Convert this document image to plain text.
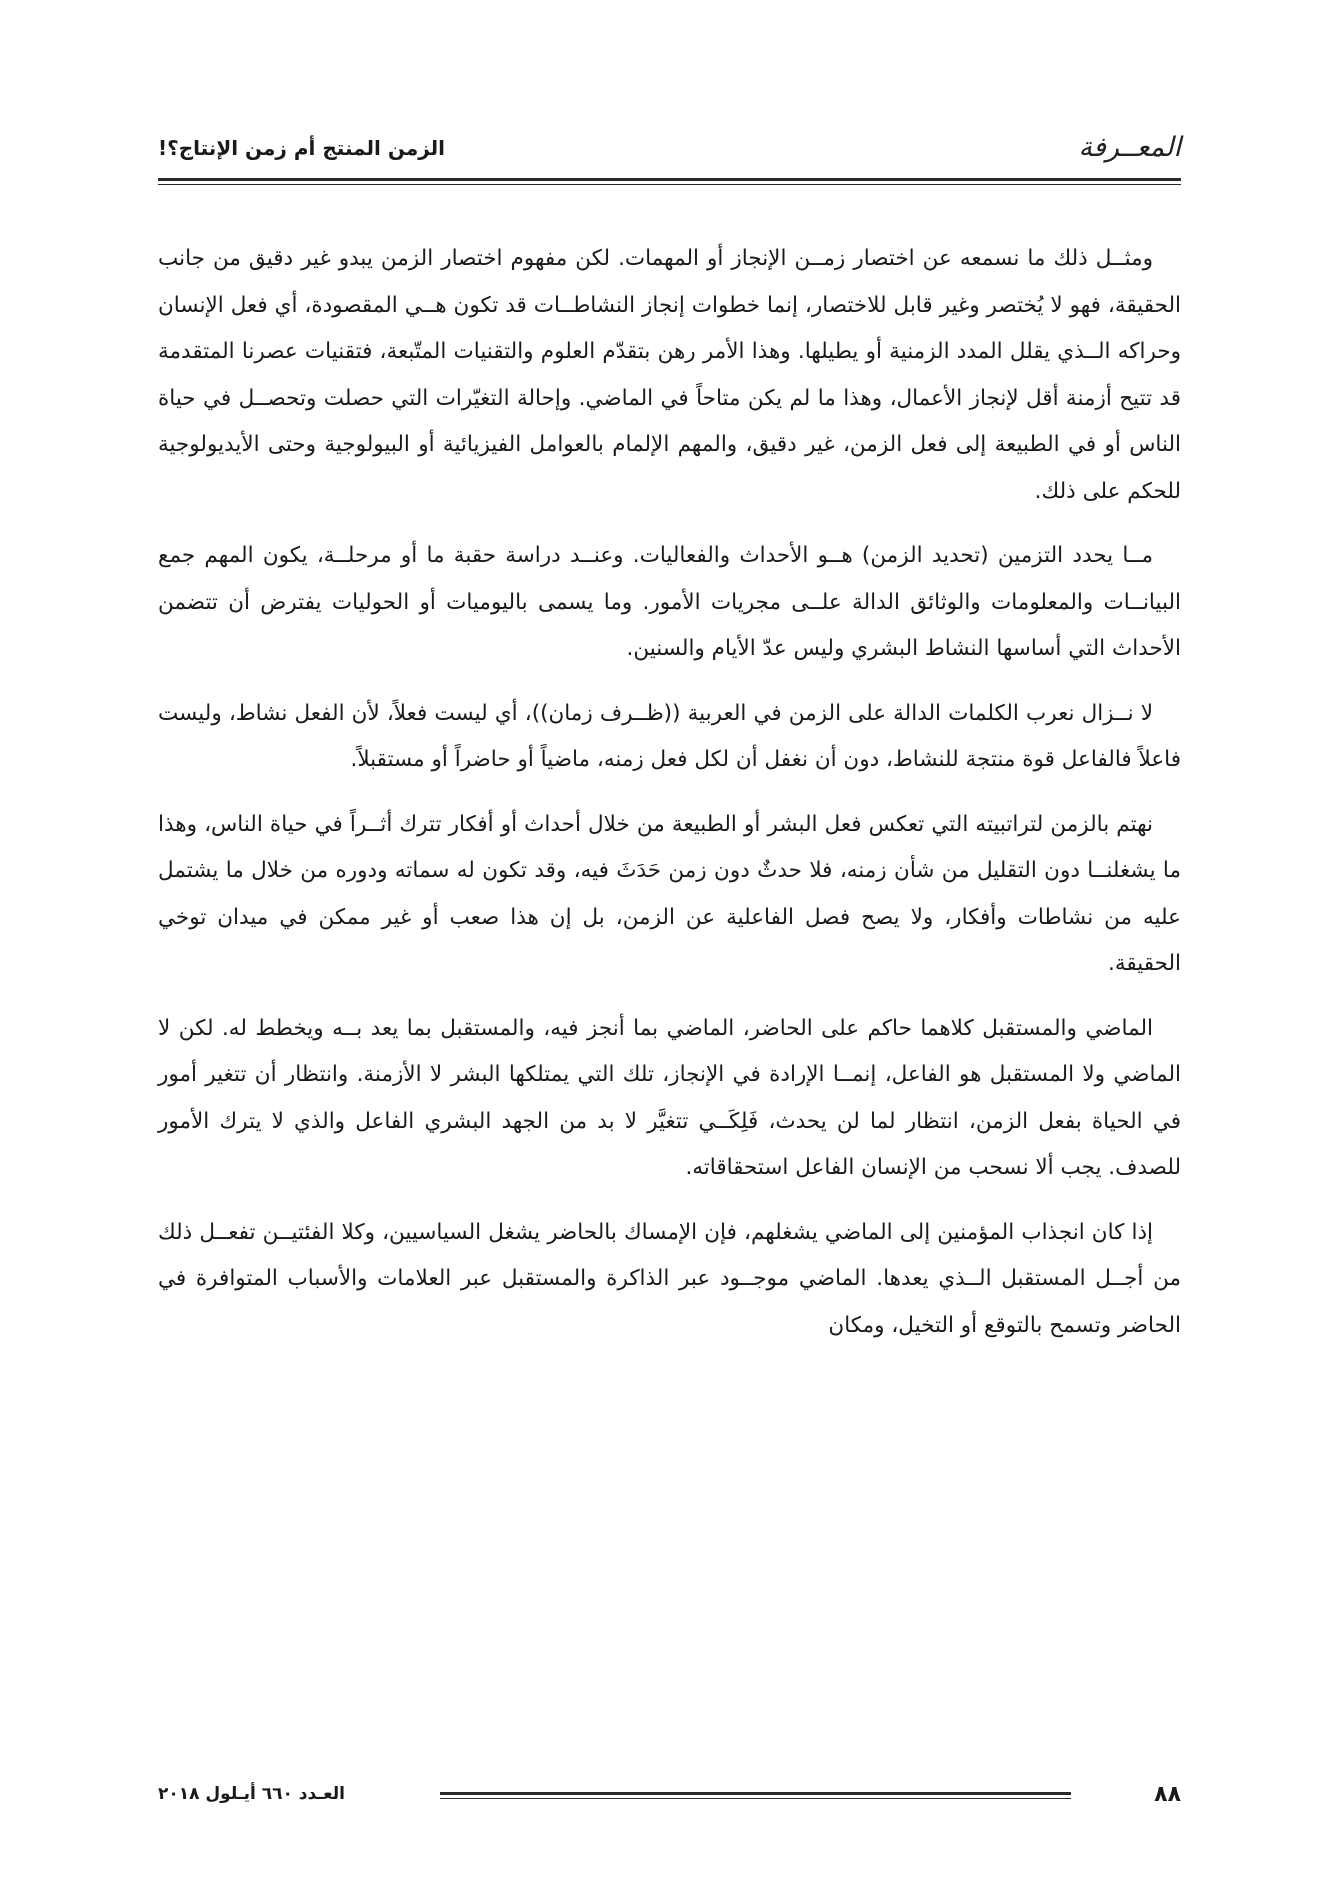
المعــرفة
الزمن المنتج أم زمن الإنتاج؟!

ومثــل ذلك ما نسمعه عن اختصار زمــن الإنجاز أو المهمات. لكن مفهوم اختصار الزمن يبدو غير دقيق من جانب الحقيقة، فهو لا يُختصر وغير قابل للاختصار، إنما خطوات إنجاز النشاطــات قد تكون هــي المقصودة، أي فعل الإنسان وحراكه الــذي يقلل المدد الزمنية أو يطيلها. وهذا الأمر رهن بتقدّم العلوم والتقنيات المتّبعة، فتقنيات عصرنا المتقدمة قد تتيح أزمنة أقل لإنجاز الأعمال، وهذا ما لم يكن متاحاً في الماضي. وإحالة التغيّرات التي حصلت وتحصــل في حياة الناس أو في الطبيعة إلى فعل الزمن، غير دقيق، والمهم الإلمام بالعوامل الفيزيائية أو البيولوجية وحتى الأيديولوجية للحكم على ذلك.

مــا يحدد التزمين (تحديد الزمن) هــو الأحداث والفعاليات. وعنــد دراسة حقبة ما أو مرحلــة، يكون المهم جمع البيانــات والمعلومات والوثائق الدالة علــى مجريات الأمور. وما يسمى باليوميات أو الحوليات يفترض أن تتضمن الأحداث التي أساسها النشاط البشري وليس عدّ الأيام والسنين.

لا نــزال نعرب الكلمات الدالة على الزمن في العربية ((ظــرف زمان))، أي ليست فعلاً، لأن الفعل نشاط، وليست فاعلاً فالفاعل قوة منتجة للنشاط، دون أن نغفل أن لكل فعل زمنه، ماضياً أو حاضراً أو مستقبلاً.

نهتم بالزمن لتراتبيته التي تعكس فعل البشر أو الطبيعة من خلال أحداث أو أفكار تترك أثــراً في حياة الناس، وهذا ما يشغلنــا دون التقليل من شأن زمنه، فلا حدثٌ دون زمن حَدَثَ فيه، وقد تكون له سماته ودوره من خلال ما يشتمل عليه من نشاطات وأفكار، ولا يصح فصل الفاعلية عن الزمن، بل إن هذا صعب أو غير ممكن في ميدان توخي الحقيقة.

الماضي والمستقبل كلاهما حاكم على الحاضر، الماضي بما أنجز فيه، والمستقبل بما يعد بــه ويخطط له. لكن لا الماضي ولا المستقبل هو الفاعل، إنمــا الإرادة في الإنجاز، تلك التي يمتلكها البشر لا الأزمنة. وانتظار أن تتغير أمور في الحياة بفعل الزمن، انتظار لما لن يحدث، فَلِكَــي تتغيَّر لا بد من الجهد البشري الفاعل والذي لا يترك الأمور للصدف. يجب ألا نسحب من الإنسان الفاعل استحقاقاته.

إذا كان انجذاب المؤمنين إلى الماضي يشغلهم، فإن الإمساك بالحاضر يشغل السياسيين، وكلا الفئتيــن تفعــل ذلك من أجــل المستقبل الــذي يعدها. الماضي موجــود عبر الذاكرة والمستقبل عبر العلامات والأسباب المتوافرة في الحاضر وتسمح بالتوقع أو التخيل، ومكان

٨٨
العـدد ٦٦٠ أيـلول ٢٠١٨
